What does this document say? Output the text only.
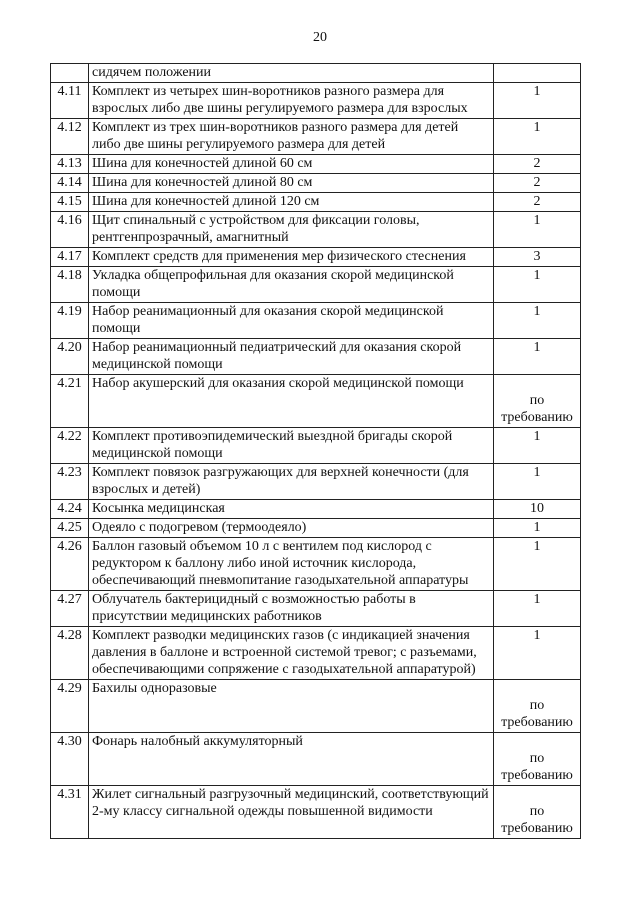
20
	сидячем положении	
4.11	Комплект из четырех шин-воротников разного размера для взрослых либо две шины регулируемого размера для взрослых	1
4.12	Комплект из трех шин-воротников разного размера для детей либо две шины регулируемого размера для детей	1
4.13	Шина для конечностей длиной 60 см	2
4.14	Шина для конечностей длиной 80 см	2
4.15	Шина для конечностей длиной 120 см	2
4.16	Щит спинальный с устройством для фиксации головы, рентгенпрозрачный, амагнитный	1
4.17	Комплект средств для применения мер физического стеснения	3
4.18	Укладка общепрофильная для оказания скорой медицинской помощи	1
4.19	Набор реанимационный для оказания скорой медицинской помощи	1
4.20	Набор реанимационный педиатрический для оказания скорой медицинской помощи	1
4.21	Набор акушерский для оказания скорой медицинской помощи	по требованию
4.22	Комплект противоэпидемический выездной бригады скорой медицинской помощи	1
4.23	Комплект повязок разгружающих для верхней конечности (для взрослых и детей)	1
4.24	Косынка медицинская	10
4.25	Одеяло с подогревом (термоодеяло)	1
4.26	Баллон газовый объемом 10 л с вентилем под кислород с редуктором к баллону либо иной источник кислорода, обеспечивающий пневмопитание газодыхательной аппаратуры	1
4.27	Облучатель бактерицидный с возможностью работы в присутствии медицинских работников	1
4.28	Комплект разводки медицинских газов (с индикацией значения давления в баллоне и встроенной системой тревог; с разъемами, обеспечивающими сопряжение с газодыхательной аппаратурой)	1
4.29	Бахилы одноразовые	по требованию
4.30	Фонарь налобный аккумуляторный	по требованию
4.31	Жилет сигнальный разгрузочный медицинский, соответствующий 2-му классу сигнальной одежды повышенной видимости	по требованию
